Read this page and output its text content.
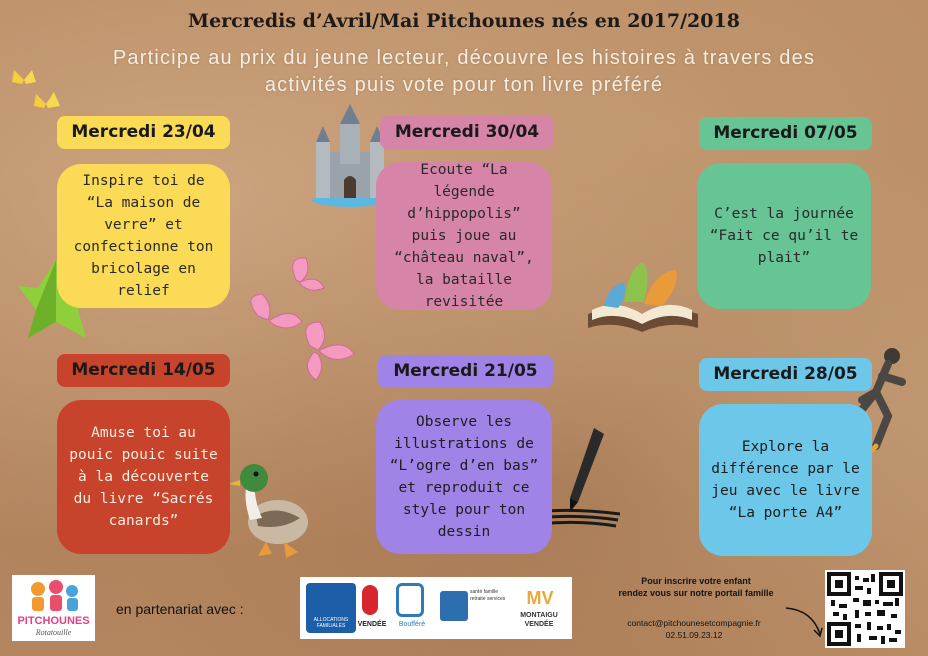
Mercredis d’Avril/Mai Pitchounes nés en 2017/2018
Participe au prix du jeune lecteur, découvre les histoires à travers des
activités puis vote pour ton livre préféré
Mercredi 23/04
Inspire toi de “La maison de verre” et confectionne ton bricolage en relief
Mercredi 30/04
Ecoute “La légende d’hippopolis” puis joue au “château naval”, la bataille revisitée
Mercredi 07/05
C’est la journée “Fait ce qu’il te plait”
Mercredi 14/05
Amuse toi au pouic pouic suite à la découverte du livre “Sacrés canards”
Mercredi 21/05
Observe les illustrations de “L’ogre d’en bas” et reproduit ce style pour ton dessin
Mercredi 28/05
Explore la différence par le jeu avec le livre “La porte A4”
PITCHOUNES
Rotatouille
en partenariat avec :
ALLOCATIONS FAMILIALES	VENDÉE	Boufféré
santé famille retraite services	MV
MONTAIGU VENDÉE
Pour inscrire votre enfant
rendez vous sur notre portail famille
contact@pitchounesetcompagnie.fr
02.51.09.23.12
